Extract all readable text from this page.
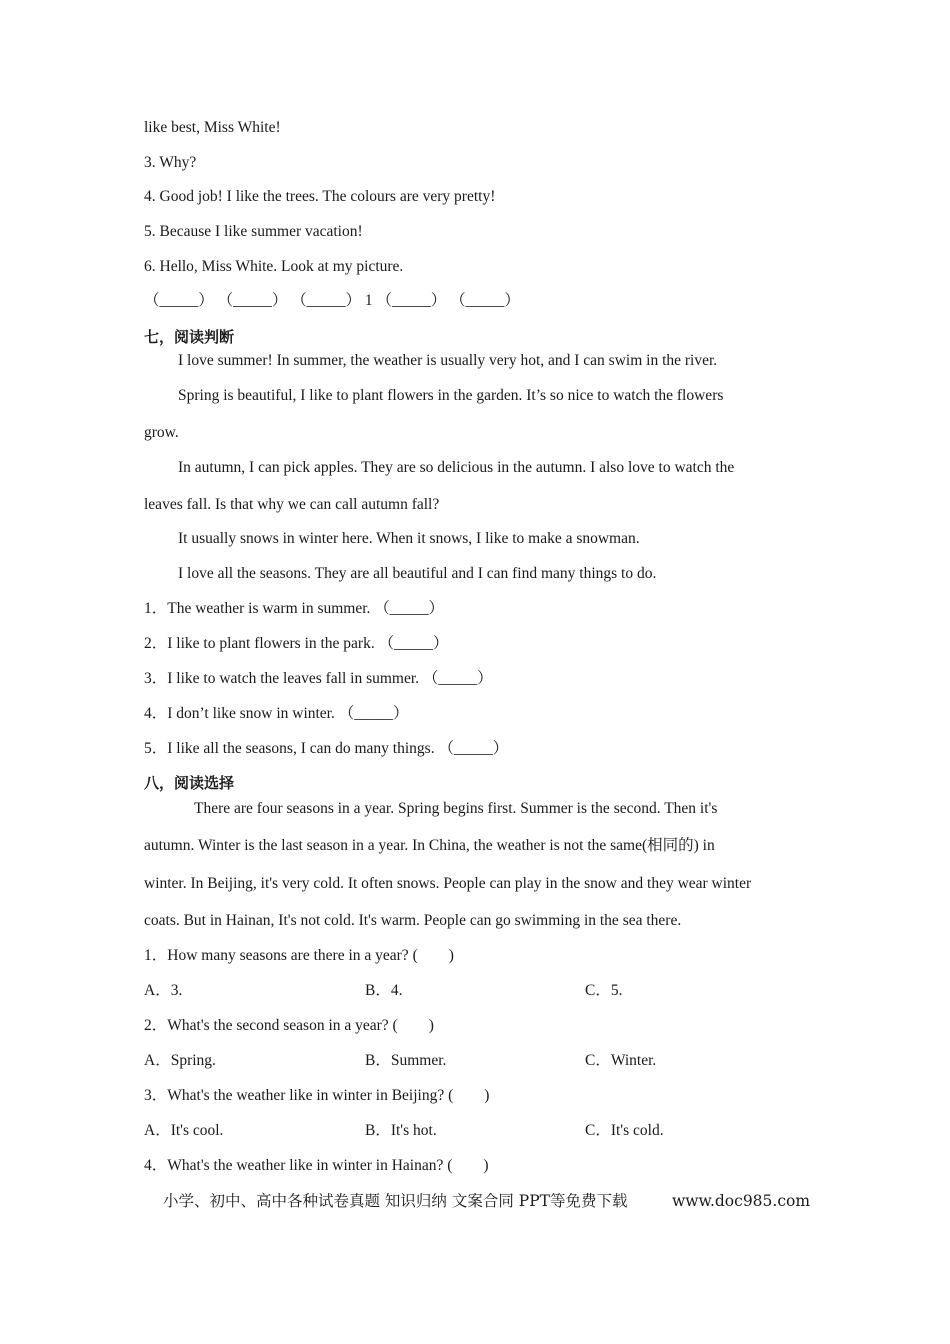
like best, Miss White!
3. Why?
4. Good job! I like the trees. The colours are very pretty!
5. Because I like summer vacation!
6. Hello, Miss White. Look at my picture.
（_____） （_____） （_____） 1 （_____） （_____）
七，阅读判断
I love summer! In summer, the weather is usually very hot, and I can swim in the river.
Spring is beautiful, I like to plant flowers in the garden. It’s so nice to watch the flowers
grow.
In autumn, I can pick apples. They are so delicious in the autumn. I also love to watch the
leaves fall. Is that why we can call autumn fall?
It usually snows in winter here. When it snows, I like to make a snowman.
I love all the seasons. They are all beautiful and I can find many things to do.
1．The weather is warm in summer. （_____）
2．I like to plant flowers in the park. （_____）
3．I like to watch the leaves fall in summer. （_____）
4．I don’t like snow in winter. （_____）
5．I like all the seasons, I can do many things. （_____）
八，阅读选择
There are four seasons in a year. Spring begins first. Summer is the second. Then it's
autumn. Winter is the last season in a year. In China, the weather is not the same(相同的) in
winter. In Beijing, it's very cold. It often snows. People can play in the snow and they wear winter
coats. But in Hainan, It's not cold. It's warm. People can go swimming in the sea there.
1．How many seasons are there in a year? (　　)
A．3.	B．4.	C．5.
2．What's the second season in a year? (　　)
A．Spring.	B．Summer.	C．Winter.
3．What's the weather like in winter in Beijing? (　　)
A．It's cool.	B．It's hot.	C．It's cold.
4．What's the weather like in winter in Hainan? (　　)
小学、初中、高中各种试卷真题 知识归纳 文案合同 PPT等免费下载	www.doc985.com
